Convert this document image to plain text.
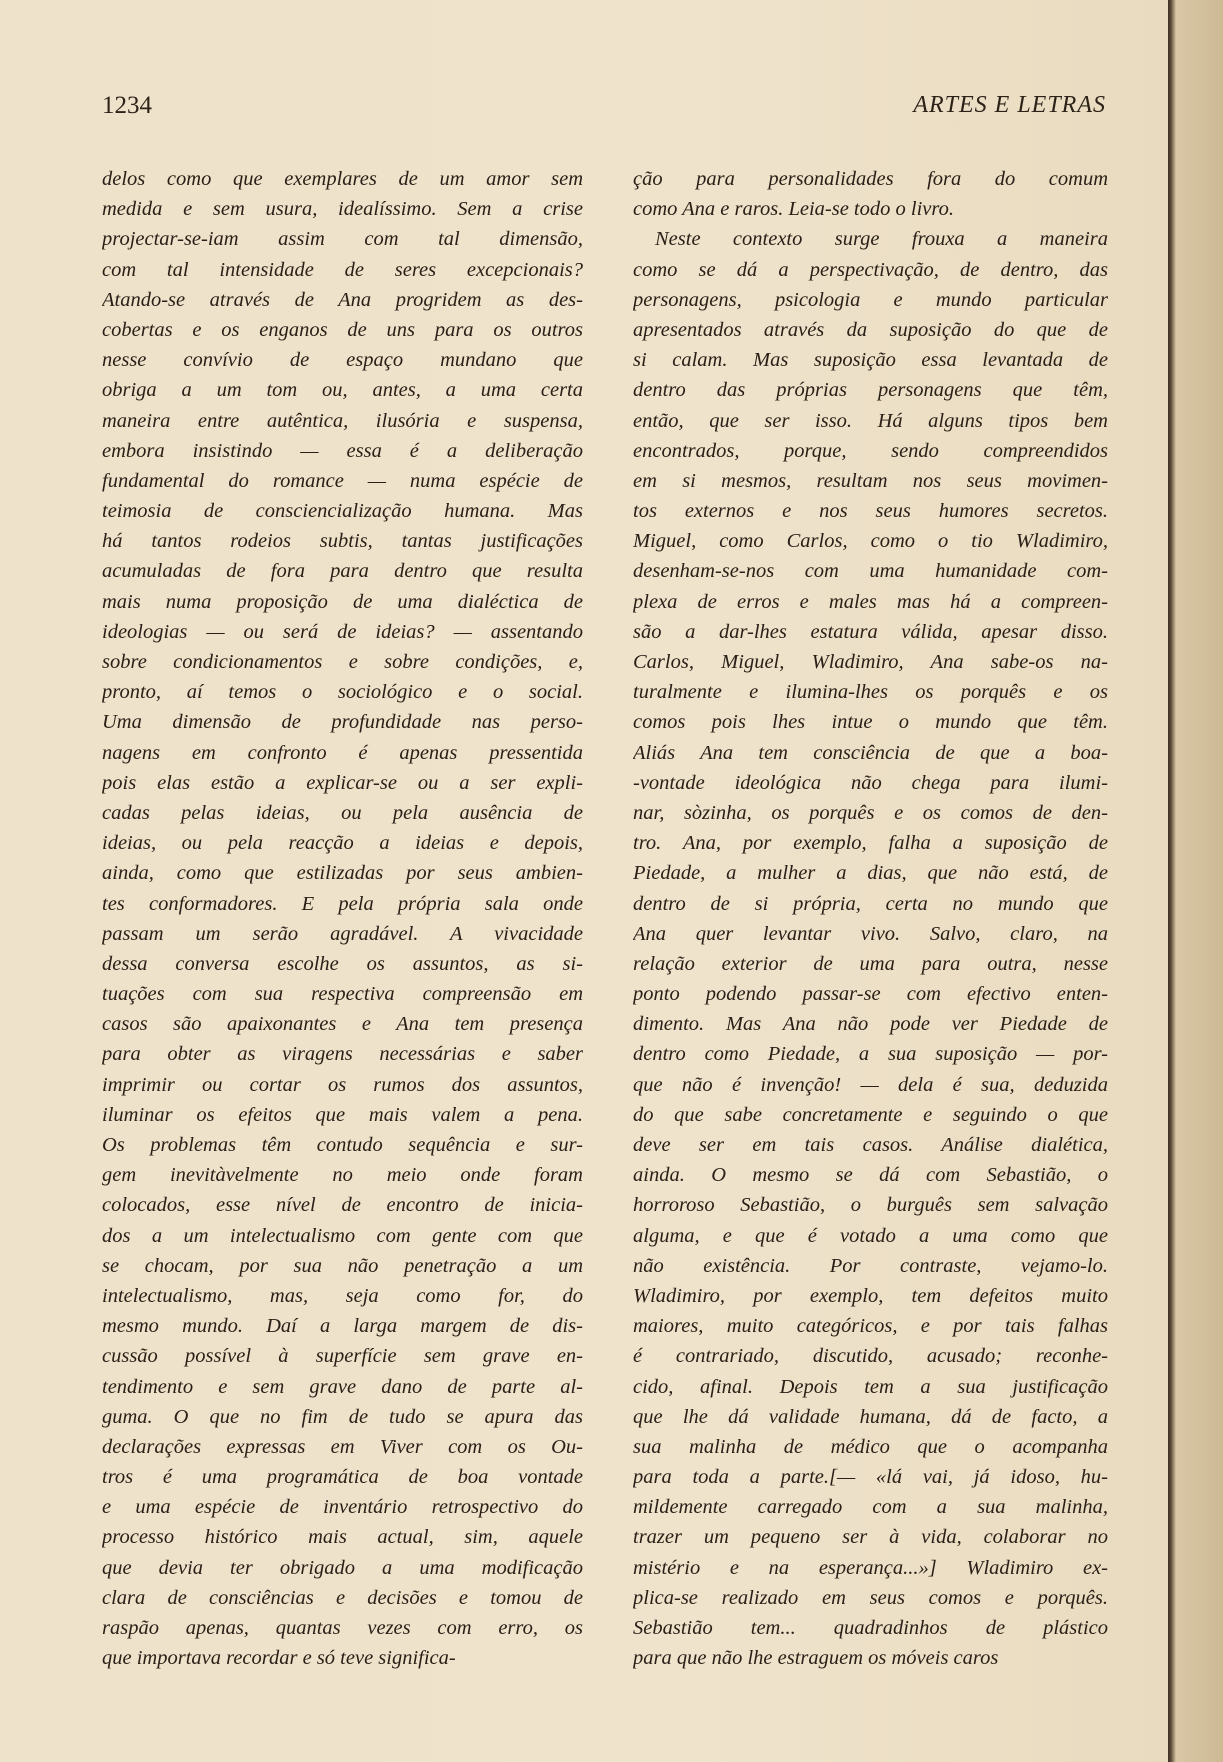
1234	ARTES E LETRAS
delos como que exemplares de um amor sem
medida e sem usura, idealíssimo. Sem a crise
projectar-se-iam assim com tal dimensão,
com tal intensidade de seres excepcionais?
Atando-se através de Ana progridem as des-
cobertas e os enganos de uns para os outros
nesse convívio de espaço mundano que
obriga a um tom ou, antes, a uma certa
maneira entre autêntica, ilusória e suspensa,
embora insistindo — essa é a deliberação
fundamental do romance — numa espécie de
teimosia de consciencialização humana. Mas
há tantos rodeios subtis, tantas justificações
acumuladas de fora para dentro que resulta
mais numa proposição de uma dialéctica de
ideologias — ou será de ideias? — assentando
sobre condicionamentos e sobre condições, e,
pronto, aí temos o sociológico e o social.
Uma dimensão de profundidade nas perso-
nagens em confronto é apenas pressentida
pois elas estão a explicar-se ou a ser expli-
cadas pelas ideias, ou pela ausência de
ideias, ou pela reacção a ideias e depois,
ainda, como que estilizadas por seus ambien-
tes conformadores. E pela própria sala onde
passam um serão agradável. A vivacidade
dessa conversa escolhe os assuntos, as si-
tuações com sua respectiva compreensão em
casos são apaixonantes e Ana tem presença
para obter as viragens necessárias e saber
imprimir ou cortar os rumos dos assuntos,
iluminar os efeitos que mais valem a pena.
Os problemas têm contudo sequência e sur-
gem inevitàvelmente no meio onde foram
colocados, esse nível de encontro de inicia-
dos a um intelectualismo com gente com que
se chocam, por sua não penetração a um
intelectualismo, mas, seja como for, do
mesmo mundo. Daí a larga margem de dis-
cussão possível à superfície sem grave en-
tendimento e sem grave dano de parte al-
guma. O que no fim de tudo se apura das
declarações expressas em Viver com os Ou-
tros é uma programática de boa vontade
e uma espécie de inventário retrospectivo do
processo histórico mais actual, sim, aquele
que devia ter obrigado a uma modificação
clara de consciências e decisões e tomou de
raspão apenas, quantas vezes com erro, os
que importava recordar e só teve significa-
ção para personalidades fora do comum
como Ana e raros. Leia-se todo o livro.
Neste contexto surge frouxa a maneira
como se dá a perspectivação, de dentro, das
personagens, psicologia e mundo particular
apresentados através da suposição do que de
si calam. Mas suposição essa levantada de
dentro das próprias personagens que têm,
então, que ser isso. Há alguns tipos bem
encontrados, porque, sendo compreendidos
em si mesmos, resultam nos seus movimen-
tos externos e nos seus humores secretos.
Miguel, como Carlos, como o tio Wladimiro,
desenham-se-nos com uma humanidade com-
plexa de erros e males mas há a compreen-
são a dar-lhes estatura válida, apesar disso.
Carlos, Miguel, Wladimiro, Ana sabe-os na-
turalmente e ilumina-lhes os porquês e os
comos pois lhes intue o mundo que têm.
Aliás Ana tem consciência de que a boa-
-vontade ideológica não chega para ilumi-
nar, sòzinha, os porquês e os comos de den-
tro. Ana, por exemplo, falha a suposição de
Piedade, a mulher a dias, que não está, de
dentro de si própria, certa no mundo que
Ana quer levantar vivo. Salvo, claro, na
relação exterior de uma para outra, nesse
ponto podendo passar-se com efectivo enten-
dimento. Mas Ana não pode ver Piedade de
dentro como Piedade, a sua suposição — por-
que não é invenção! — dela é sua, deduzida
do que sabe concretamente e seguindo o que
deve ser em tais casos. Análise dialética,
ainda. O mesmo se dá com Sebastião, o
horroroso Sebastião, o burguês sem salvação
alguma, e que é votado a uma como que
não existência. Por contraste, vejamo-lo.
Wladimiro, por exemplo, tem defeitos muito
maiores, muito categóricos, e por tais falhas
é contrariado, discutido, acusado; reconhe-
cido, afinal. Depois tem a sua justificação
que lhe dá validade humana, dá de facto, a
sua malinha de médico que o acompanha
para toda a parte.[— «lá vai, já idoso, hu-
mildemente carregado com a sua malinha,
trazer um pequeno ser à vida, colaborar no
mistério e na esperança...»] Wladimiro ex-
plica-se realizado em seus comos e porquês.
Sebastião tem... quadradinhos de plástico
para que não lhe estraguem os móveis caros
